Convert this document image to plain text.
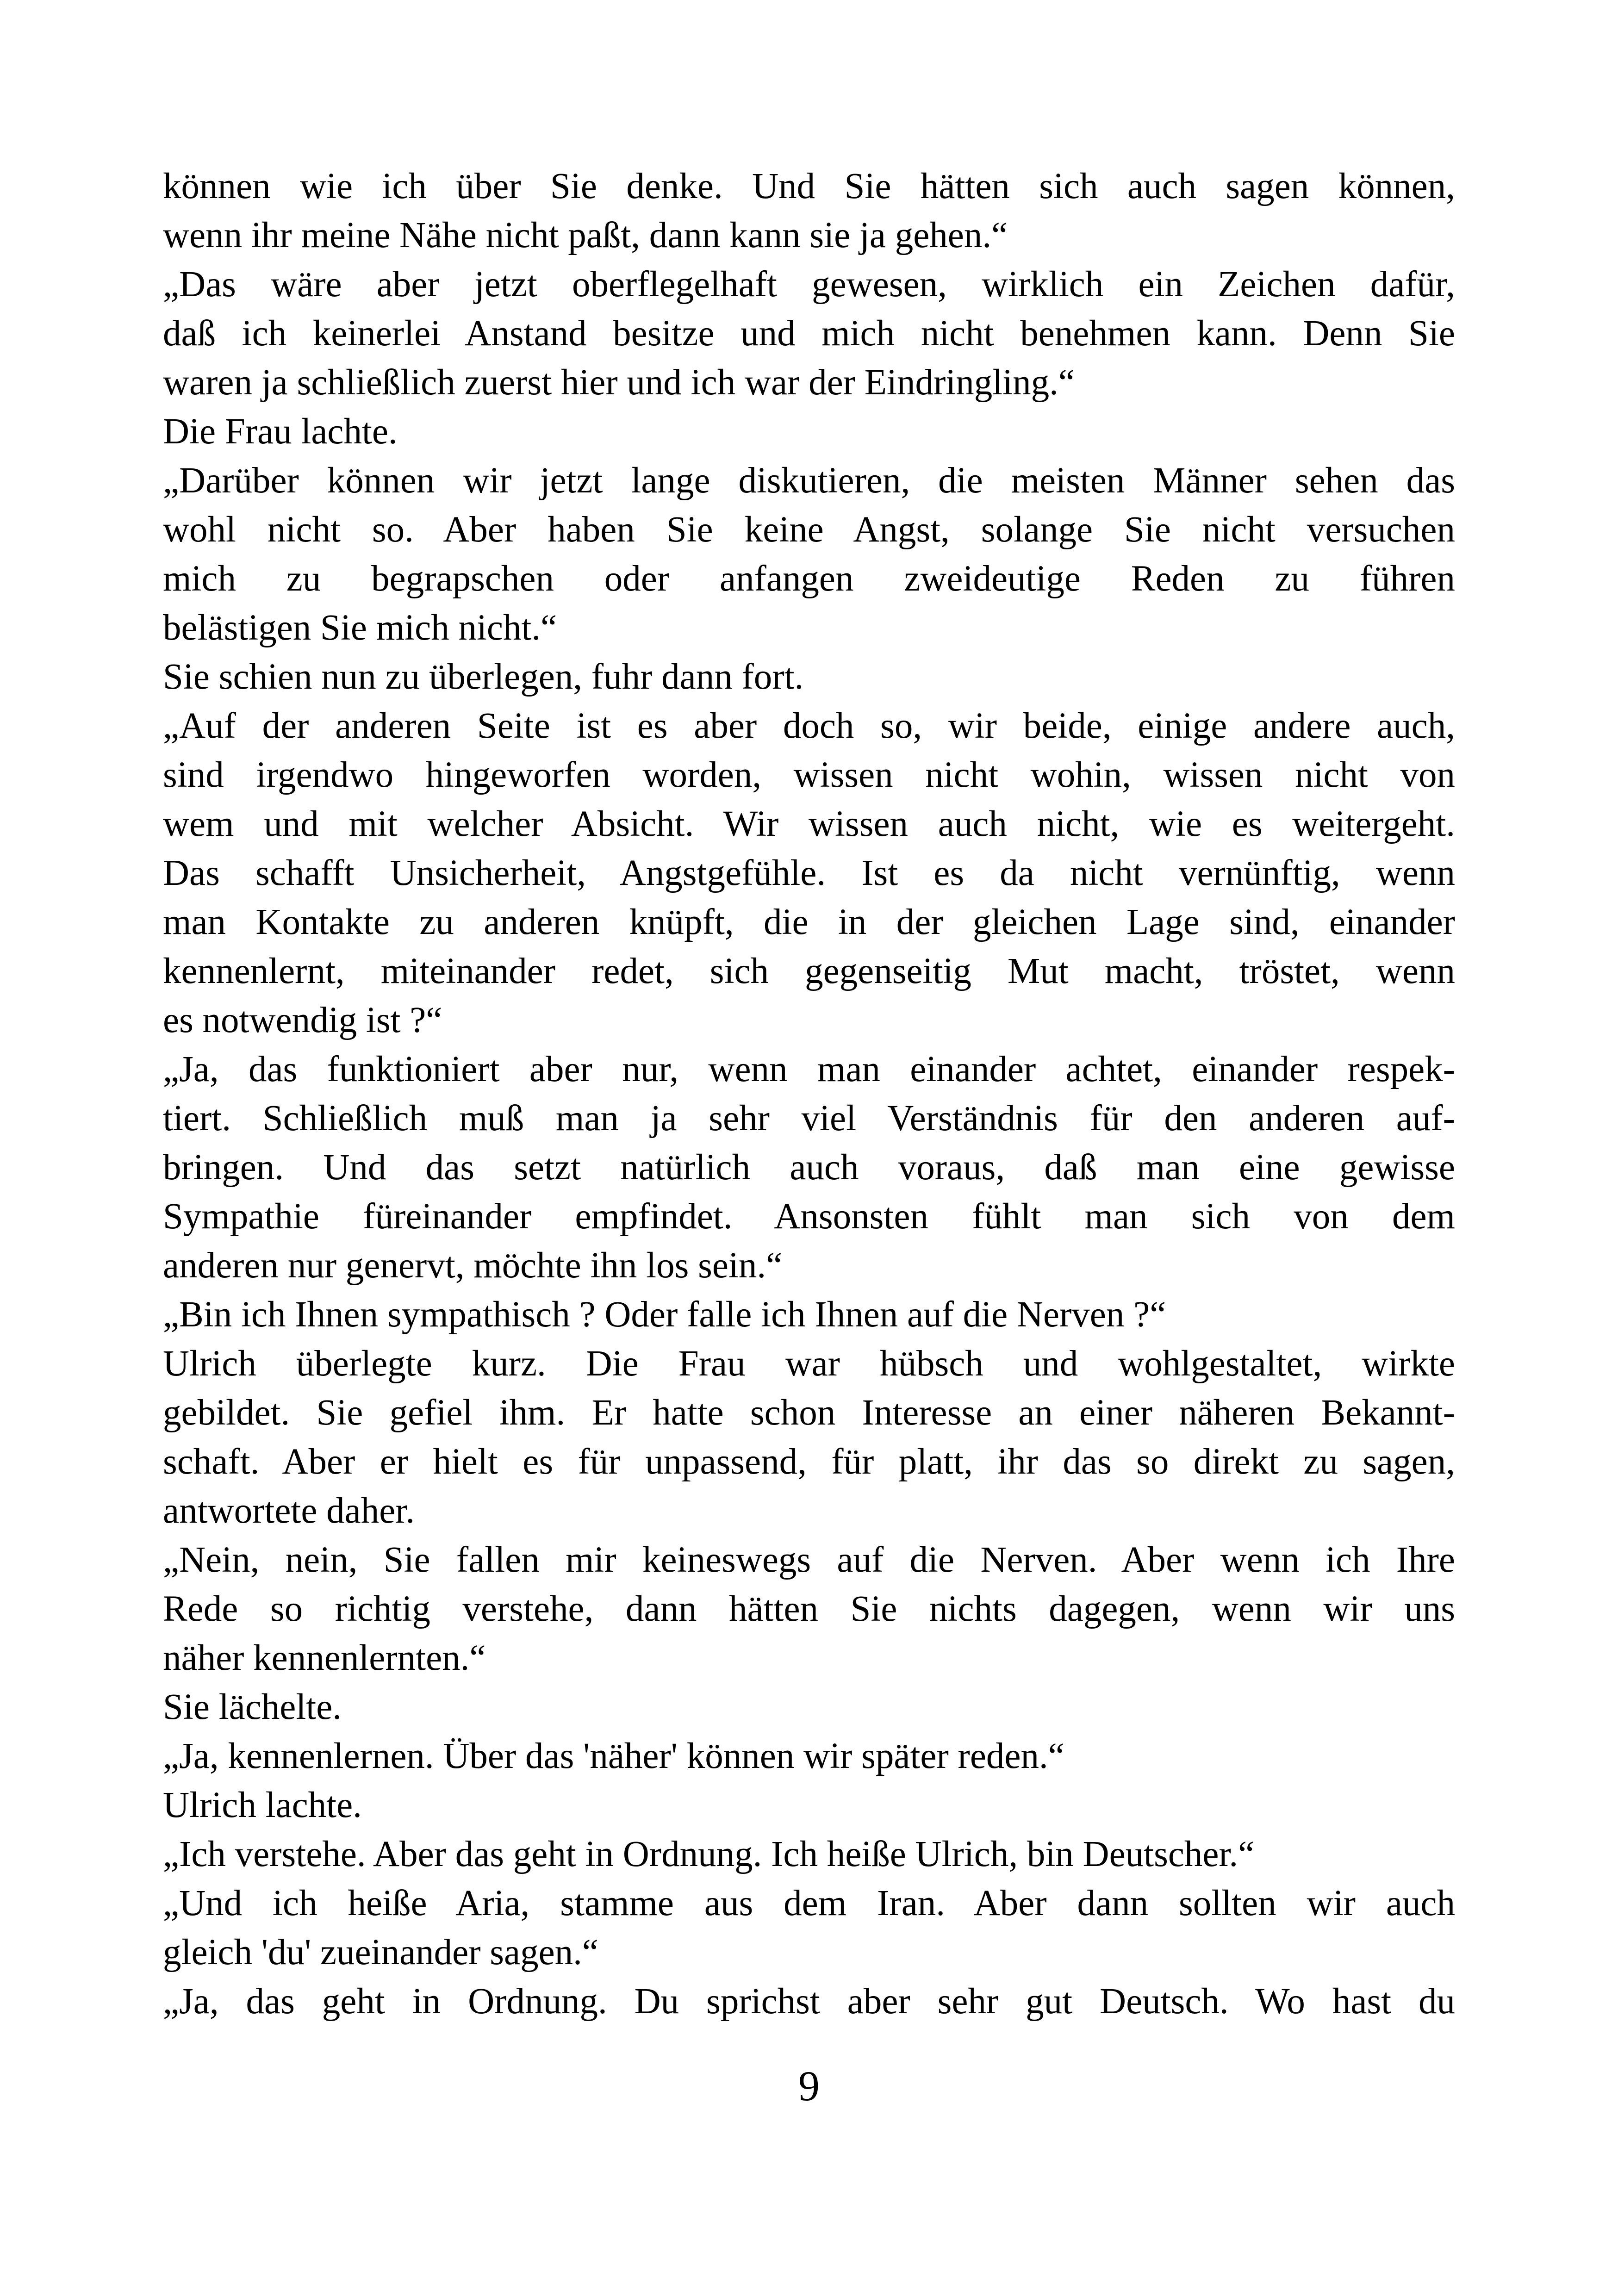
können wie ich über Sie denke. Und Sie hätten sich auch sagen können,
wenn ihr meine Nähe nicht paßt, dann kann sie ja gehen.“
„Das wäre aber jetzt oberflegelhaft gewesen, wirklich ein Zeichen dafür,
daß ich keinerlei Anstand besitze und mich nicht benehmen kann. Denn Sie
waren ja schließlich zuerst hier und ich war der Eindringling.“
Die Frau lachte.
„Darüber können wir jetzt lange diskutieren, die meisten Männer sehen das
wohl nicht so. Aber haben Sie keine Angst, solange Sie nicht versuchen
mich zu begrapschen oder anfangen zweideutige Reden zu führen
belästigen Sie mich nicht.“
Sie schien nun zu überlegen, fuhr dann fort.
„Auf der anderen Seite ist es aber doch so, wir beide, einige andere auch,
sind irgendwo hingeworfen worden, wissen nicht wohin, wissen nicht von
wem und mit welcher Absicht. Wir wissen auch nicht, wie es weitergeht.
Das schafft Unsicherheit, Angstgefühle. Ist es da nicht vernünftig, wenn
man Kontakte zu anderen knüpft, die in der gleichen Lage sind, einander
kennenlernt, miteinander redet, sich gegenseitig Mut macht, tröstet, wenn
es notwendig ist ?“
„Ja, das funktioniert aber nur, wenn man einander achtet, einander respek-
tiert. Schließlich muß man ja sehr viel Verständnis für den anderen auf-
bringen. Und das setzt natürlich auch voraus, daß man eine gewisse
Sympathie füreinander empfindet. Ansonsten fühlt man sich von dem
anderen nur genervt, möchte ihn los sein.“
„Bin ich Ihnen sympathisch ? Oder falle ich Ihnen auf die Nerven ?“
Ulrich überlegte kurz. Die Frau war hübsch und wohlgestaltet, wirkte
gebildet. Sie gefiel ihm. Er hatte schon Interesse an einer näheren Bekannt-
schaft. Aber er hielt es für unpassend, für platt, ihr das so direkt zu sagen,
antwortete daher.
„Nein, nein, Sie fallen mir keineswegs auf die Nerven. Aber wenn ich Ihre
Rede so richtig verstehe, dann hätten Sie nichts dagegen, wenn wir uns
näher kennenlernten.“
Sie lächelte.
„Ja, kennenlernen. Über das 'näher' können wir später reden.“
Ulrich lachte.
„Ich verstehe. Aber das geht in Ordnung. Ich heiße Ulrich, bin Deutscher.“
„Und ich heiße Aria, stamme aus dem Iran. Aber dann sollten wir auch
gleich 'du' zueinander sagen.“
„Ja, das geht in Ordnung. Du sprichst aber sehr gut Deutsch. Wo hast du
9
